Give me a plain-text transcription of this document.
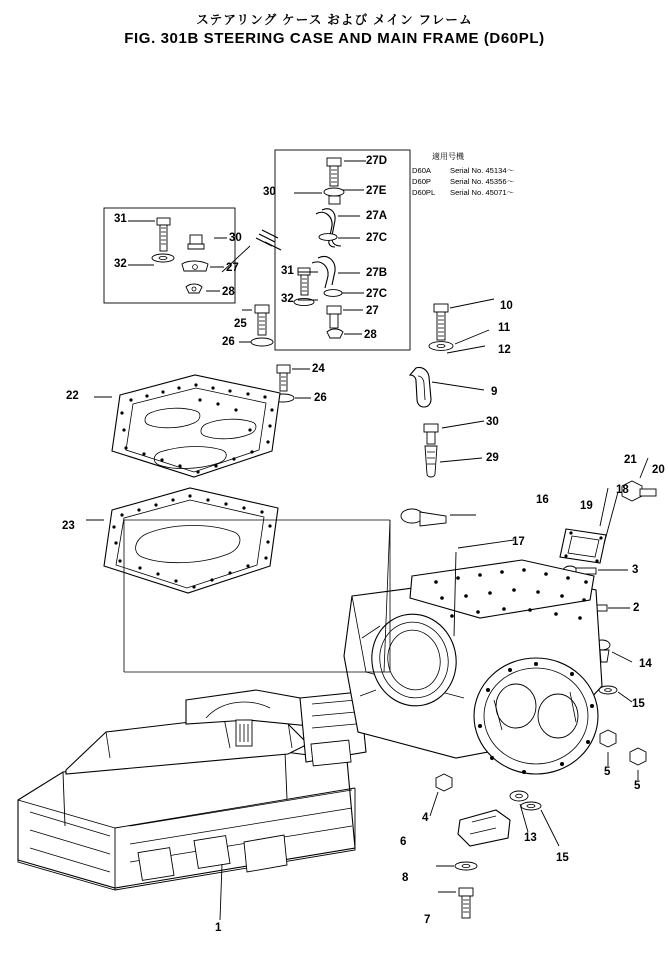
ステアリング ケース および メイン フレーム
FIG. 301B STEERING CASE AND MAIN FRAME (D60PL)
適用号機
D60A	Serial No. 45134～
D60P	Serial No. 45356～
D60PL Serial No. 45071～
1
2
3
4
5
5
6
7
8
9
10
11
12
13
14
15
15
16
17
18
19
20
21
22
23
24
25
26
26
27
27
27A
27B
27C
27C
27D
27E
28
28
29
30
30
30
31
31
32
32
